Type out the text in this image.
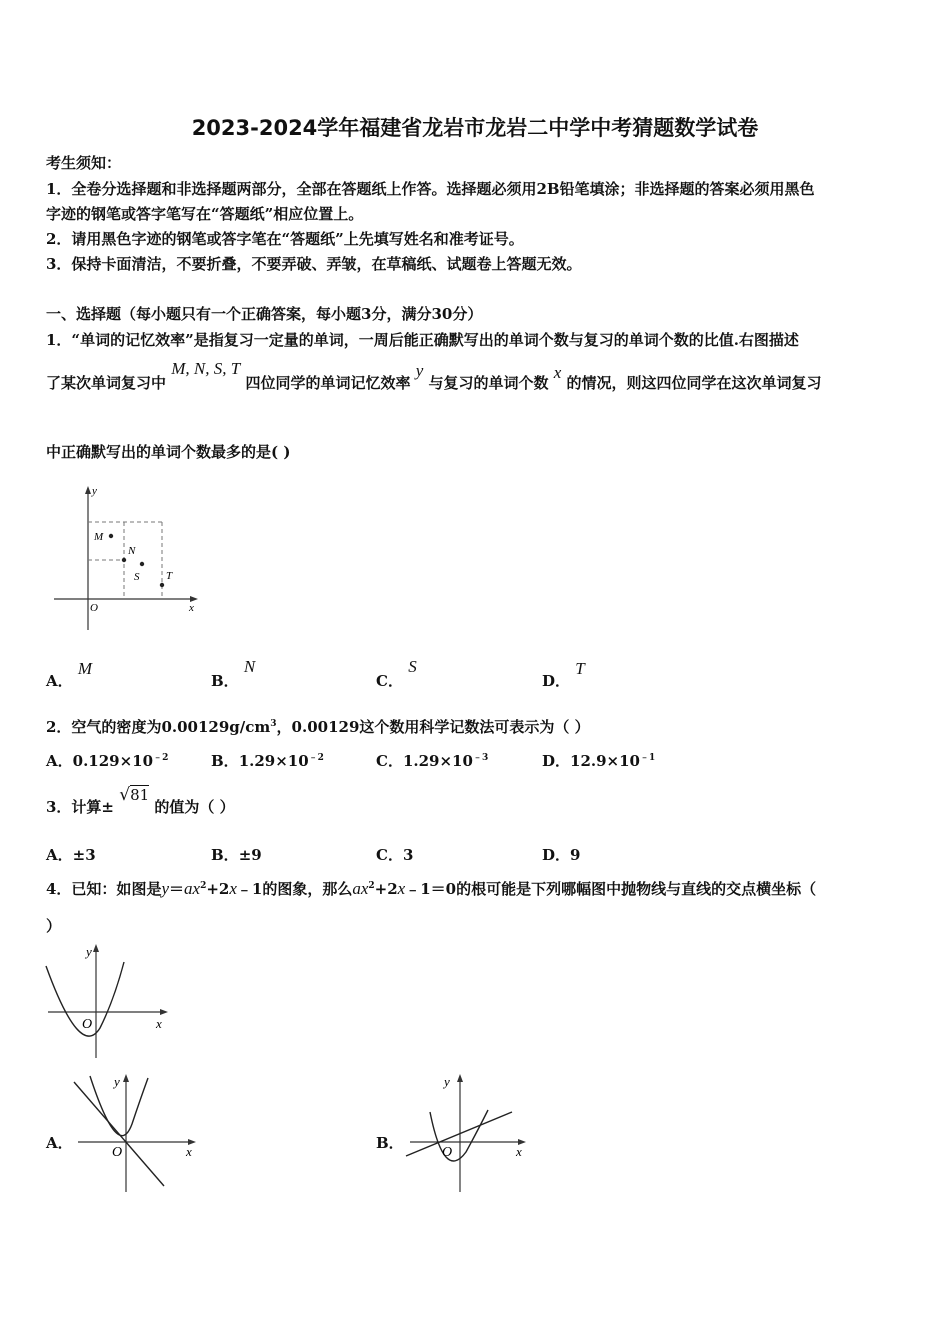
2023-2024学年福建省龙岩市龙岩二中学中考猜题数学试卷
考生须知：
1．全卷分选择题和非选择题两部分，全部在答题纸上作答。选择题必须用2B铅笔填涂；非选择题的答案必须用黑色
字迹的钢笔或答字笔写在“答题纸”相应位置上。
2．请用黑色字迹的钢笔或答字笔在“答题纸”上先填写姓名和准考证号。
3．保持卡面清洁，不要折叠，不要弄破、弄皱，在草稿纸、试题卷上答题无效。
一、选择题（每小题只有一个正确答案，每小题3分，满分30分）
1．“单词的记忆效率”是指复习一定量的单词，一周后能正确默写出的单词个数与复习的单词个数的比值.右图描述
了某次单词复习中 M, N, S, T 四位同学的单词记忆效率 y 与复习的单词个数 x 的情况，则这四位同学在这次单词复习
中正确默写出的单词个数最多的是( )
y
x
O
M
N
S T
A． M
B． N
C． S
D． T
2．空气的密度为$0.00129g/cm^3$，0.00129这个数用科学记数法可表示为（ ）
A．$0.129\times 10^{﹣2}$	B．$1.29\times 10^{﹣2}$	C．$1.29\times 10^{﹣3}$	D．$12.9\times 10^{﹣1}$
3．计算± √81 的值为（ ）
A．±3	B．±9	C．3	D．9
4．已知：如图是$y=ax^2+2x﹣1$的图象，那么$ax^2+2x﹣1=0$的根可能是下列哪幅图中抛物线与直线的交点横坐标（
）
y
x
O
A．
y
x
O
B．
y
x
O
